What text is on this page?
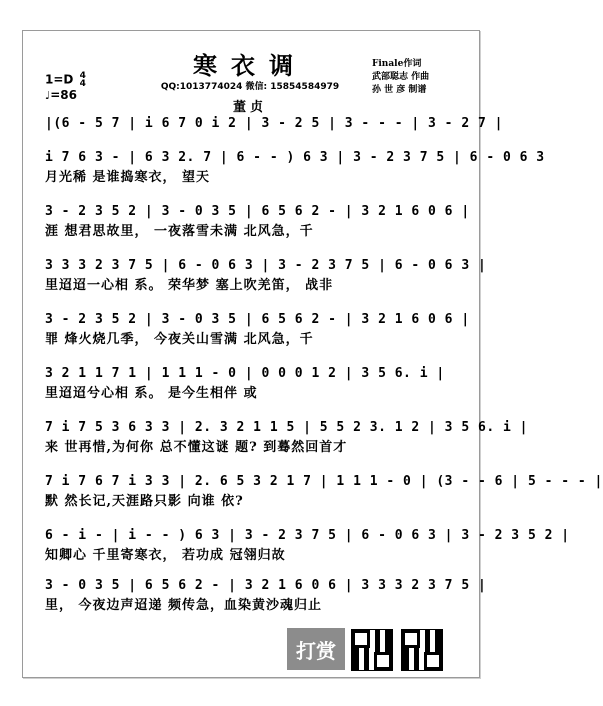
寒衣调
QQ:1013774024 微信: 15854584979
董贞
Finale作词
武部聪志 作曲
孙 世 彦 制谱
1=D 4
4
♩=86
|(6 - 5 7 | i 6 7 0 i 2 | 3 - 2 5 | 3 - - - | 3 - 2 7 |
i 7 6 3 - | 6 3 2. 7 | 6 - - ) 6 3 | 3 - 2 3 7 5 | 6 - 0 6 3
月光稀 是谁捣寒衣， 望天
3 - 2 3 5 2 | 3 - 0 3 5 | 6 5 6 2 - | 3 2 1 6 0 6 |
涯 想君思故里， 一夜落雪未满 北风急，千
3 3 3 2 3 7 5 | 6 - 0 6 3 | 3 - 2 3 7 5 | 6 - 0 6 3 |
里迢迢一心相 系。 荣华梦 塞上吹羌笛， 战非
3 - 2 3 5 2 | 3 - 0 3 5 | 6 5 6 2 - | 3 2 1 6 0 6 |
罪 烽火烧几季， 今夜关山雪满 北风急，千
3 2 1 1 7 1 | 1 1 1 - 0 | 0 0 0 1 2 | 3 5 6. i |
里迢迢兮心相 系。 是今生相伴 或
7 i 7 5 3 6 3 3 | 2. 3 2 1 1 5 | 5 5 2 3. 1 2 | 3 5 6. i |
来 世再惜,为何你 总不懂这谜 题? 到蓦然回首才
7 i 7 6 7 i 3 3 | 2. 6 5 3 2 1 7 | 1 1 1 - 0 | (3 - - 6 | 5 - - - |
默 然长记,天涯路只影 向谁 依?
6 - i - | i - - ) 6 3 | 3 - 2 3 7 5 | 6 - 0 6 3 | 3 - 2 3 5 2 |
知卿心 千里寄寒衣， 若功成 冠翎归故
3 - 0 3 5 | 6 5 6 2 - | 3 2 1 6 0 6 | 3 3 3 2 3 7 5 |
里， 今夜边声迢递 频传急，血染黄沙魂归止
打赏
